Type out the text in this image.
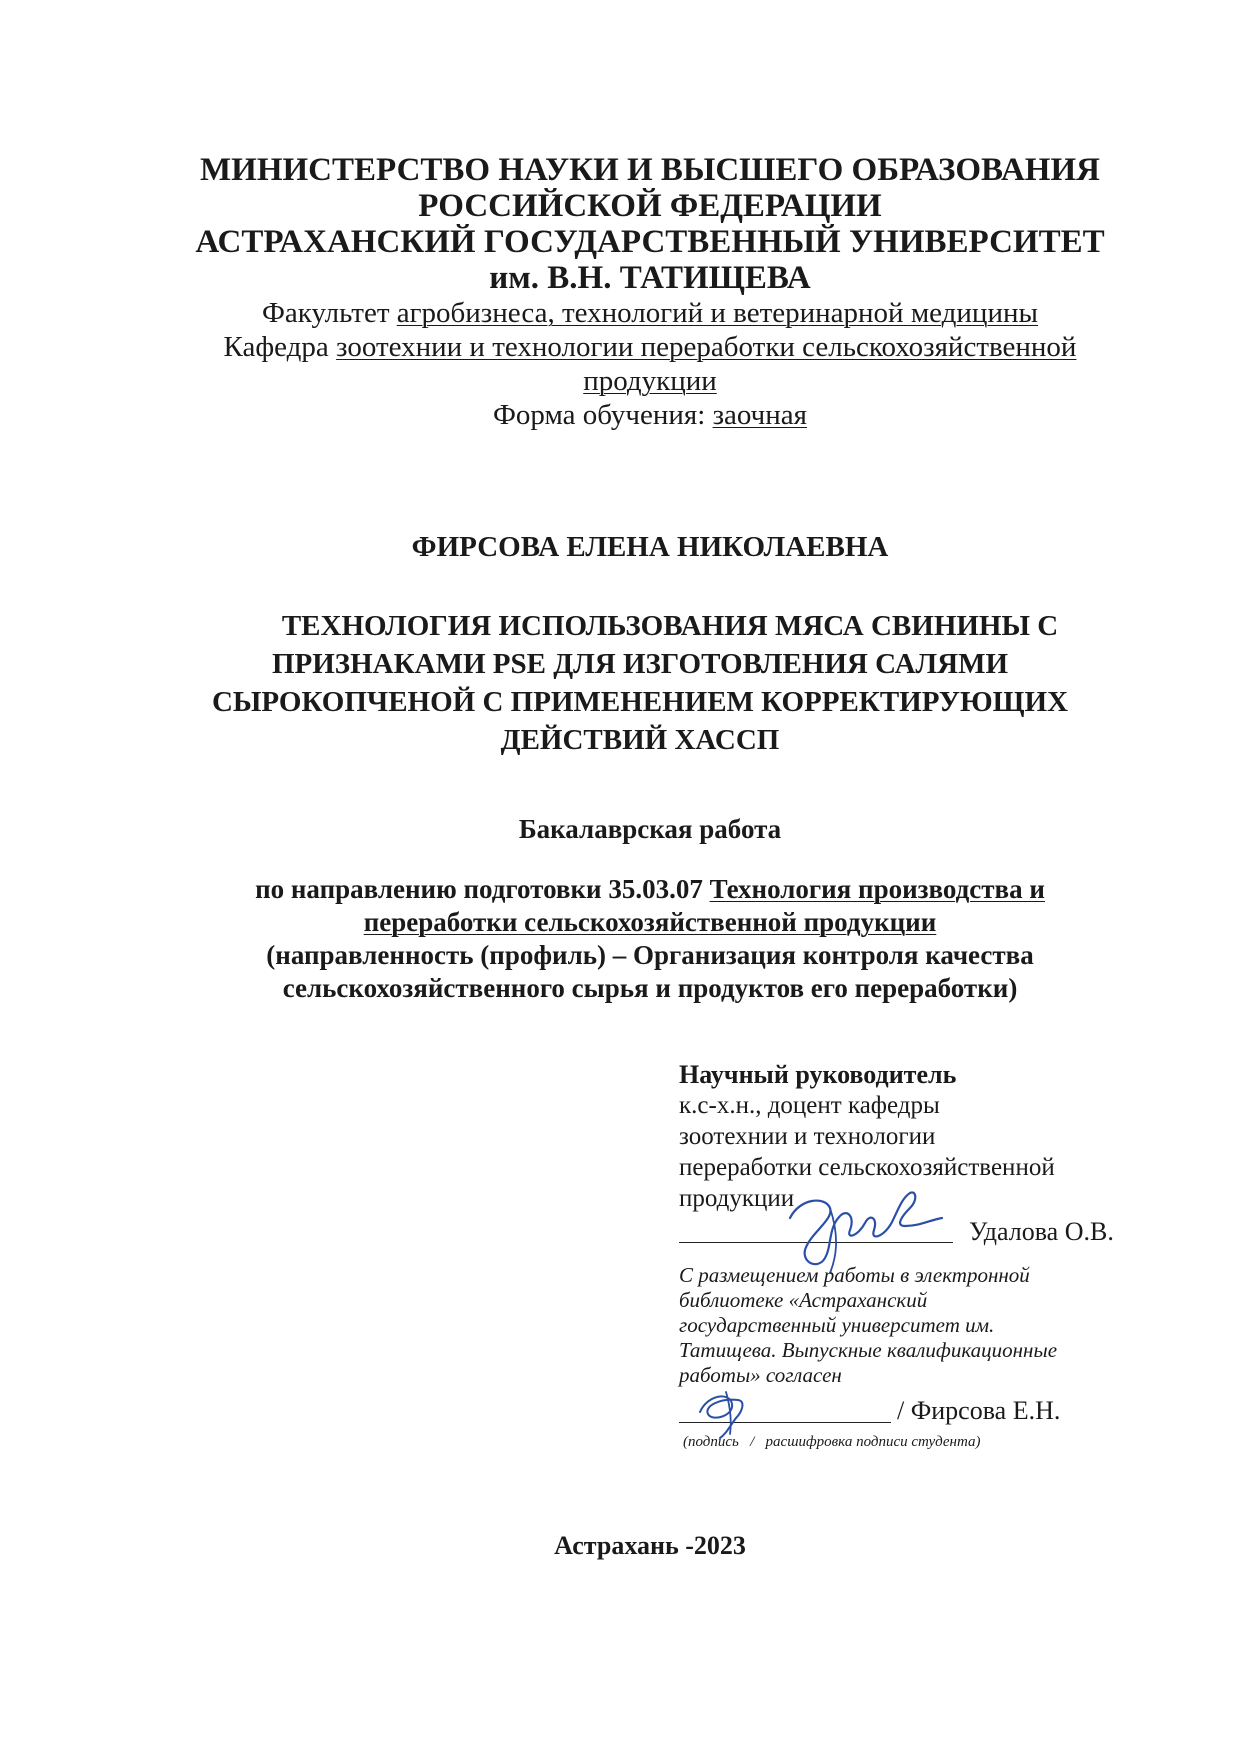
МИНИСТЕРСТВО НАУКИ И ВЫСШЕГО ОБРАЗОВАНИЯ
РОССИЙСКОЙ ФЕДЕРАЦИИ
АСТРАХАНСКИЙ ГОСУДАРСТВЕННЫЙ УНИВЕРСИТЕТ
им. В.Н. ТАТИЩЕВА
Факультет агробизнеса, технологий и ветеринарной медицины
Кафедра зоотехнии и технологии переработки сельскохозяйственной
продукции
Форма обучения: заочная
ФИРСОВА ЕЛЕНА НИКОЛАЕВНА
ТЕХНОЛОГИЯ ИСПОЛЬЗОВАНИЯ МЯСА СВИНИНЫ С
ПРИЗНАКАМИ PSE ДЛЯ ИЗГОТОВЛЕНИЯ САЛЯМИ
СЫРОКОПЧЕНОЙ С ПРИМЕНЕНИЕМ КОРРЕКТИРУЮЩИХ
ДЕЙСТВИЙ ХАССП
Бакалаврская работа
по направлению подготовки 35.03.07 Технология производства и
переработки сельскохозяйственной продукции
(направленность (профиль) – Организация контроля качества
сельскохозяйственного сырья и продуктов его переработки)
Научный руководитель
к.с-х.н., доцент кафедры
зоотехнии и технологии
переработки сельскохозяйственной
продукции
Удалова О.В.
С размещением работы в электронной
библиотеке «Астраханский
государственный университет им.
Татищева. Выпускные квалификационные
работы» согласен
/ Фирсова Е.Н.
(подпись   /   расшифровка подписи студента)
Астрахань -2023
